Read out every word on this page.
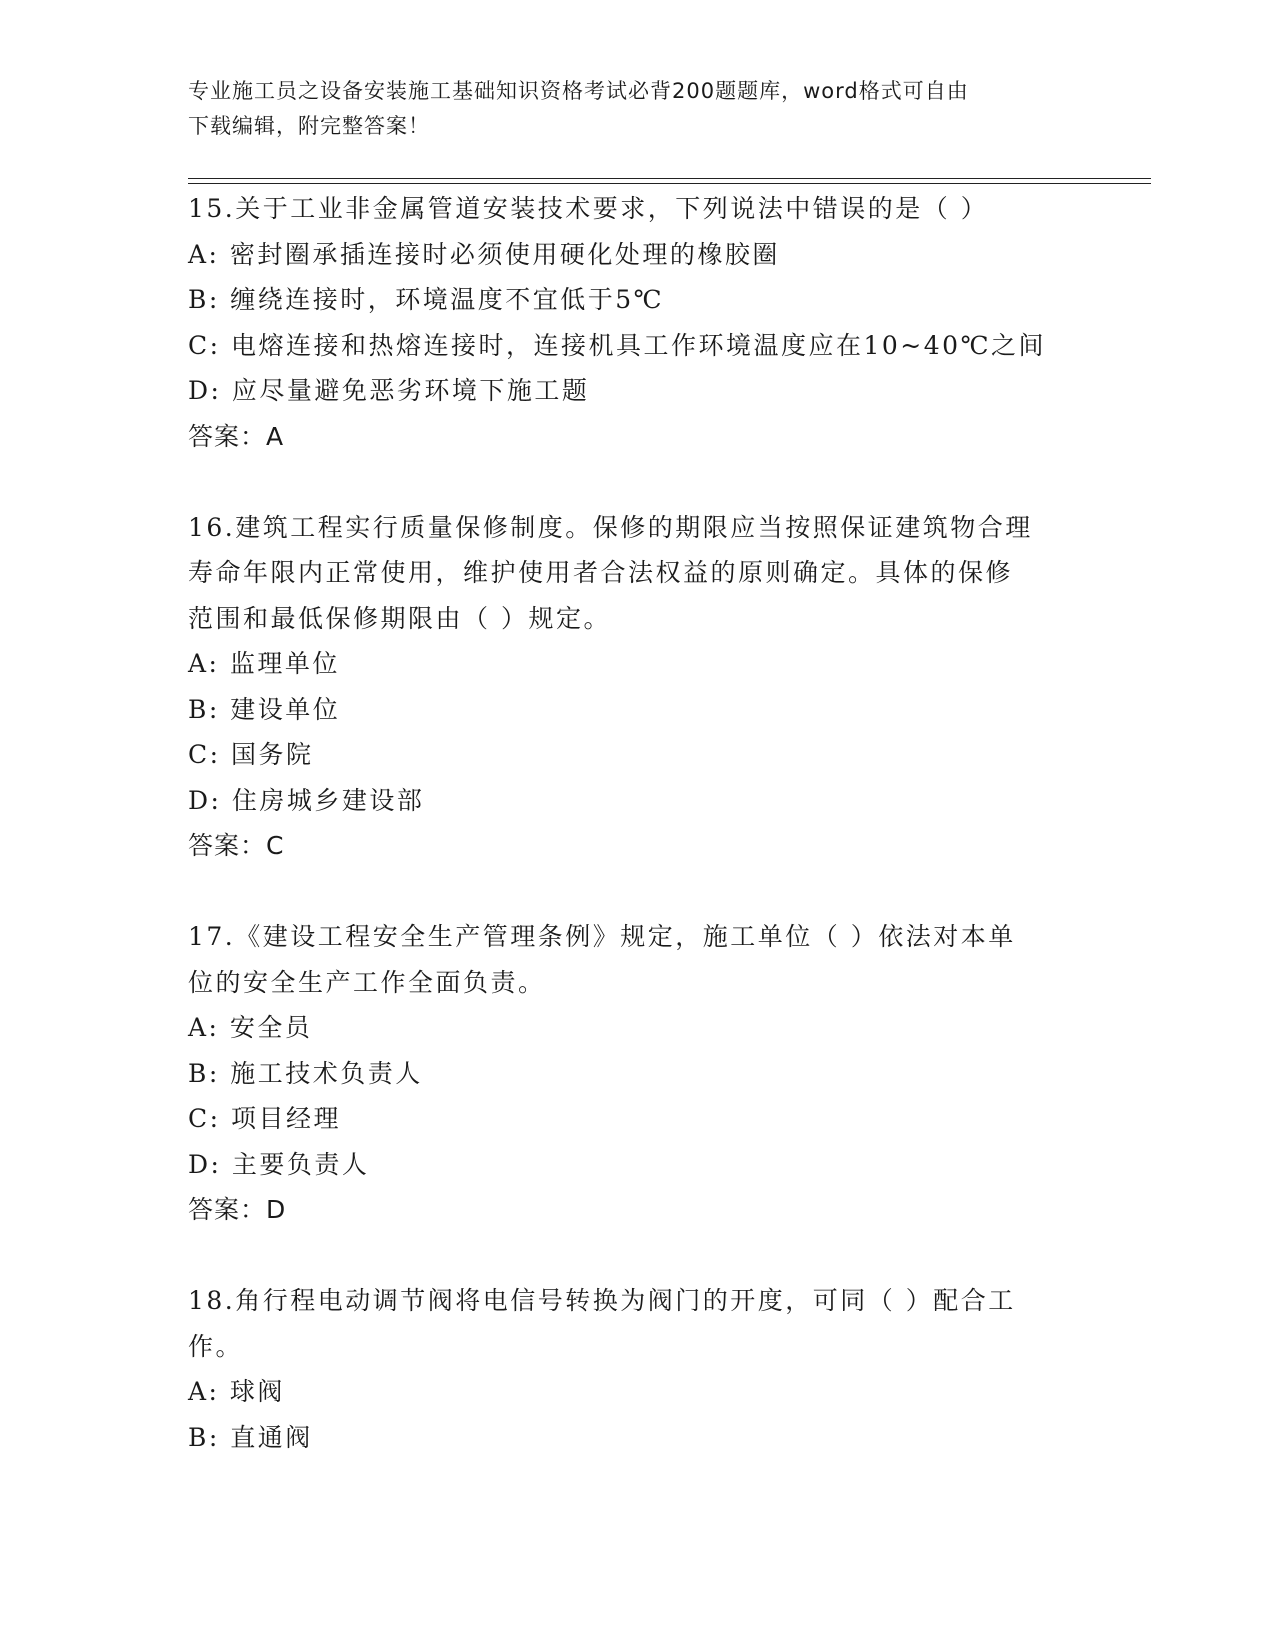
专业施工员之设备安装施工基础知识资格考试必背200题题库，word格式可自由
下载编辑，附完整答案！
15.关于工业非金属管道安装技术要求，下列说法中错误的是（ ）
A: 密封圈承插连接时必须使用硬化处理的橡胶圈
B: 缠绕连接时，环境温度不宜低于5℃
C: 电熔连接和热熔连接时，连接机具工作环境温度应在10~40℃之间
D: 应尽量避免恶劣环境下施工题
答案：A
16.建筑工程实行质量保修制度。保修的期限应当按照保证建筑物合理
寿命年限内正常使用，维护使用者合法权益的原则确定。具体的保修
范围和最低保修期限由（ ）规定。
A: 监理单位
B: 建设单位
C: 国务院
D: 住房城乡建设部
答案：C
17.《建设工程安全生产管理条例》规定，施工单位（ ）依法对本单
位的安全生产工作全面负责。
A: 安全员
B: 施工技术负责人
C: 项目经理
D: 主要负责人
答案：D
18.角行程电动调节阀将电信号转换为阀门的开度，可同（ ）配合工
作。
A: 球阀
B: 直通阀
